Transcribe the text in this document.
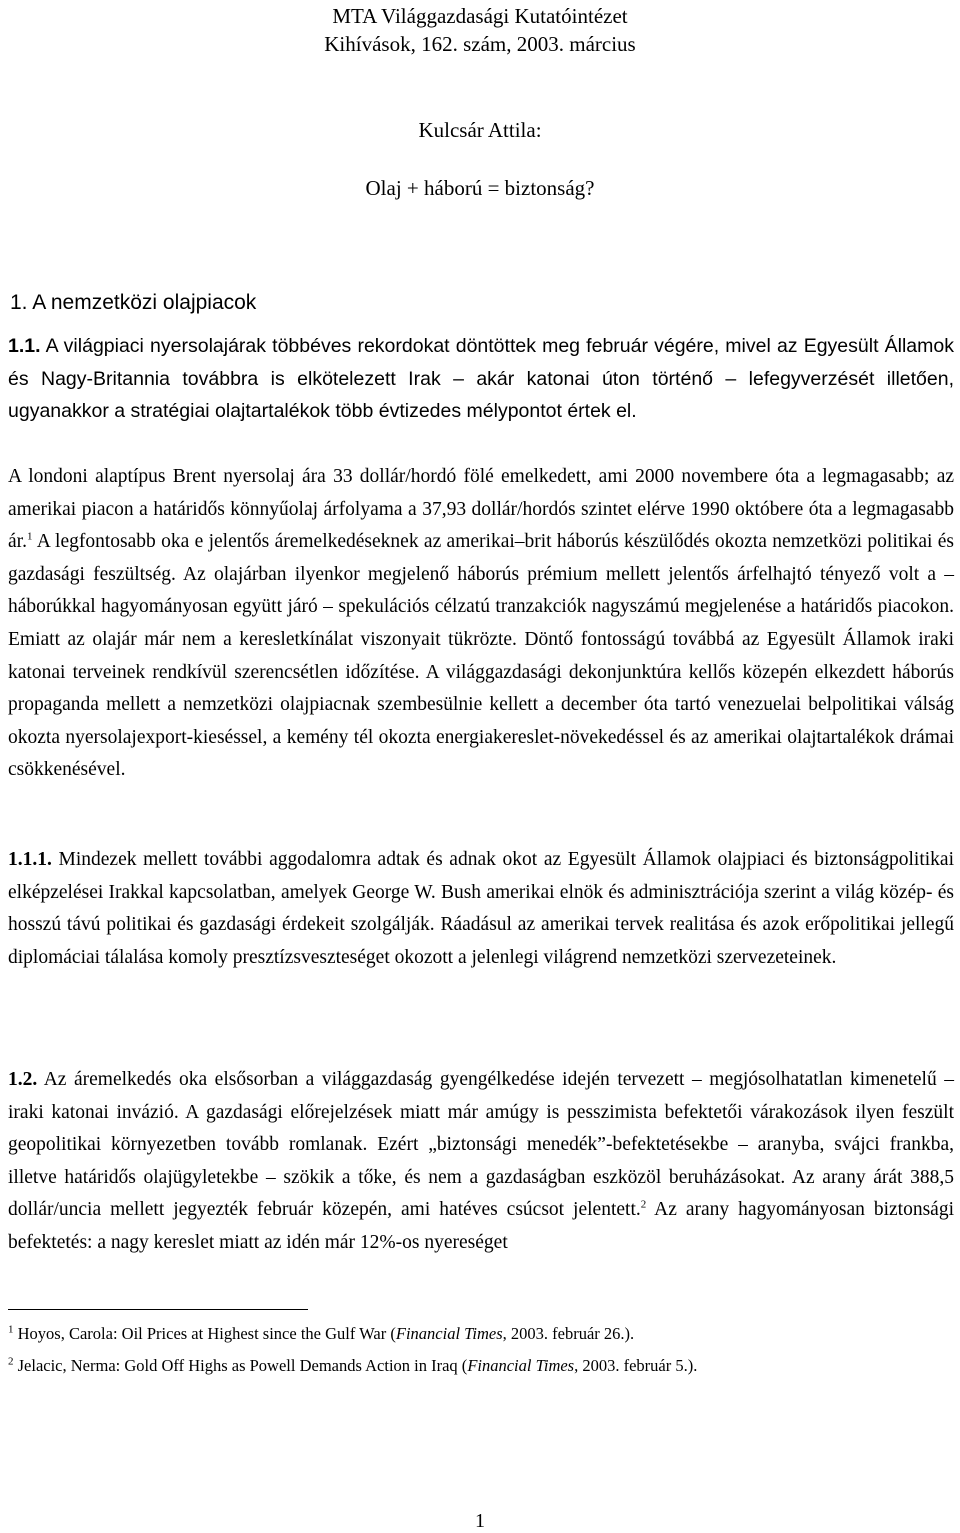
MTA Világgazdasági Kutatóintézet
Kihívások, 162. szám, 2003. március
Kulcsár Attila:
Olaj + háború = biztonság?
1. A nemzetközi olajpiacok

1.1. A világpiaci nyersolajárak többéves rekordokat döntöttek meg február végére, mivel az Egyesült Államok és Nagy-Britannia továbbra is elkötelezett Irak – akár katonai úton történő – lefegyverzését illetően, ugyanakkor a stratégiai olajtartalékok több évtizedes mélypontot értek el.

A londoni alaptípus Brent nyersolaj ára 33 dollár/hordó fölé emelkedett, ami 2000 novembere óta a legmagasabb; az amerikai piacon a határidős könnyűolaj árfolyama a 37,93 dollár/hordós szintet elérve 1990 októbere óta a legmagasabb ár.$^1$ A legfontosabb oka e jelentős áremelkedéseknek az amerikai–brit háborús készülődés okozta nemzetközi politikai és gazdasági feszültség. Az olajárban ilyenkor megjelenő háborús prémium mellett jelentős árfelhajtó tényező volt a – háborúkkal hagyományosan együtt járó – spekulációs célzatú tranzakciók nagyszámú megjelenése a határidős piacokon. Emiatt az olajár már nem a keresletkínálat viszonyait tükrözte. Döntő fontosságú továbbá az Egyesült Államok iraki katonai terveinek rendkívül szerencsétlen időzítése. A világgazdasági dekonjunktúra kellős közepén elkezdett háborús propaganda mellett a nemzetközi olajpiacnak szembesülnie kellett a december óta tartó venezuelai belpolitikai válság okozta nyersolajexport-kieséssel, a kemény tél okozta energiakereslet-növekedéssel és az amerikai olajtartalékok drámai csökkenésével.

1.1.1. Mindezek mellett további aggodalomra adtak és adnak okot az Egyesült Államok olajpiaci és biztonságpolitikai elképzelései Irakkal kapcsolatban, amelyek George W. Bush amerikai elnök és adminisztrációja szerint a világ közép- és hosszú távú politikai és gazdasági érdekeit szolgálják. Ráadásul az amerikai tervek realitása és azok erőpolitikai jellegű diplomáciai tálalása komoly presztízsveszteséget okozott a jelenlegi világrend nemzetközi szervezeteinek.

1.2. Az áremelkedés oka elsősorban a világgazdaság gyengélkedése idején tervezett – megjósolhatatlan kimenetelű – iraki katonai invázió. A gazdasági előrejelzések miatt már amúgy is pesszimista befektetői várakozások ilyen feszült geopolitikai környezetben tovább romlanak. Ezért „biztonsági menedék”-befektetésekbe – aranyba, svájci frankba, illetve határidős olajügyletekbe – szökik a tőke, és nem a gazdaságban eszközöl beruházásokat. Az arany árát 388,5 dollár/uncia mellett jegyezték február közepén, ami hatéves csúcsot jelentett.$^2$ Az arany hagyományosan biztonsági befektetés: a nagy kereslet miatt az idén már 12%-os nyereséget

$^1$ Hoyos, Carola: Oil Prices at Highest since the Gulf War (Financial Times, 2003. február 26.).
$^2$ Jelacic, Nerma: Gold Off Highs as Powell Demands Action in Iraq (Financial Times, 2003. február 5.).
1
